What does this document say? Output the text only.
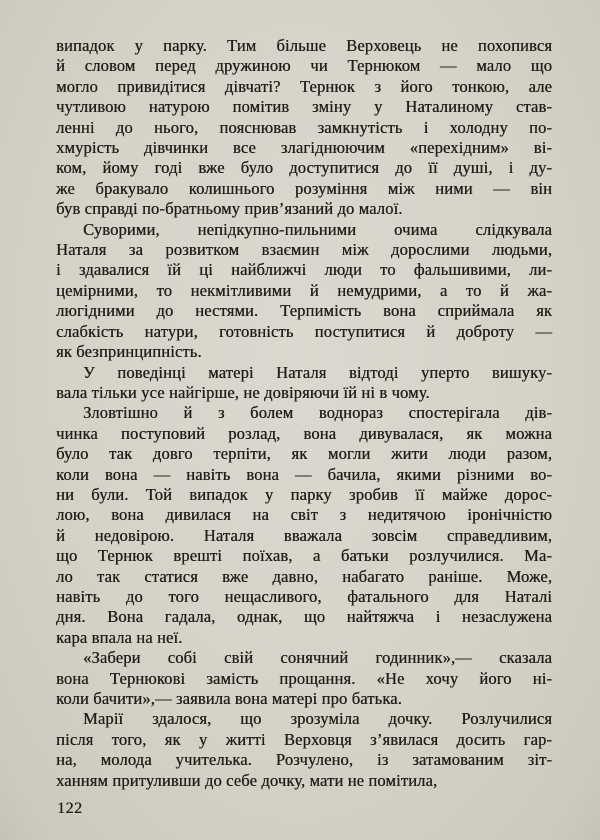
випадок у парку. Тим більше Верховець не похопився
й словом перед дружиною чи Тернюком — мало що
могло привидітися дівчаті? Тернюк з його тонкою, але
чутливою натурою помітив зміну у Наталиному став-
ленні до нього, пояснював замкнутість і холодну по-
хмурість дівчинки все злагіднюючим «перехідним» ві-
ком, йому годі вже було доступитися до її душі, і ду-
же бракувало колишнього розуміння між ними — він
був справді по-братньому прив’язаний до малої.
Суворими, непідкупно-пильними очима слідкувала
Наталя за розвитком взаємин між дорослими людьми,
і здавалися їй ці найближчі люди то фальшивими, ли-
цемірними, то некмітливими й немудрими, а то й жа-
люгідними до нестями. Терпимість вона сприймала як
слабкість натури, готовність поступитися й доброту —
як безпринципність.
У поведінці матері Наталя відтоді уперто вишуку-
вала тільки усе найгірше, не довіряючи їй ні в чому.
Зловтішно й з болем воднораз спостерігала дів-
чинка поступовий розлад, вона дивувалася, як можна
було так довго терпіти, як могли жити люди разом,
коли вона — навіть вона — бачила, якими різними во-
ни були. Той випадок у парку зробив її майже дорос-
лою, вона дивилася на світ з недитячою іронічністю
й недовірою. Наталя вважала зовсім справедливим,
що Тернюк врешті поїхав, а батьки розлучилися. Ма-
ло так статися вже давно, набагато раніше. Може,
навіть до того нещасливого, фатального для Наталі
дня. Вона гадала, однак, що найтяжча і незаслужена
кара впала на неї.
«Забери собі свій сонячний годинник»,— сказала
вона Тернюкові замість прощання. «Не хочу його ні-
коли бачити»,— заявила вона матері про батька.
Марії здалося, що зрозуміла дочку. Розлучилися
після того, як у житті Верховця з’явилася досить гар-
на, молода учителька. Розчулено, із затамованим зіт-
ханням притуливши до себе дочку, мати не помітила,
122
